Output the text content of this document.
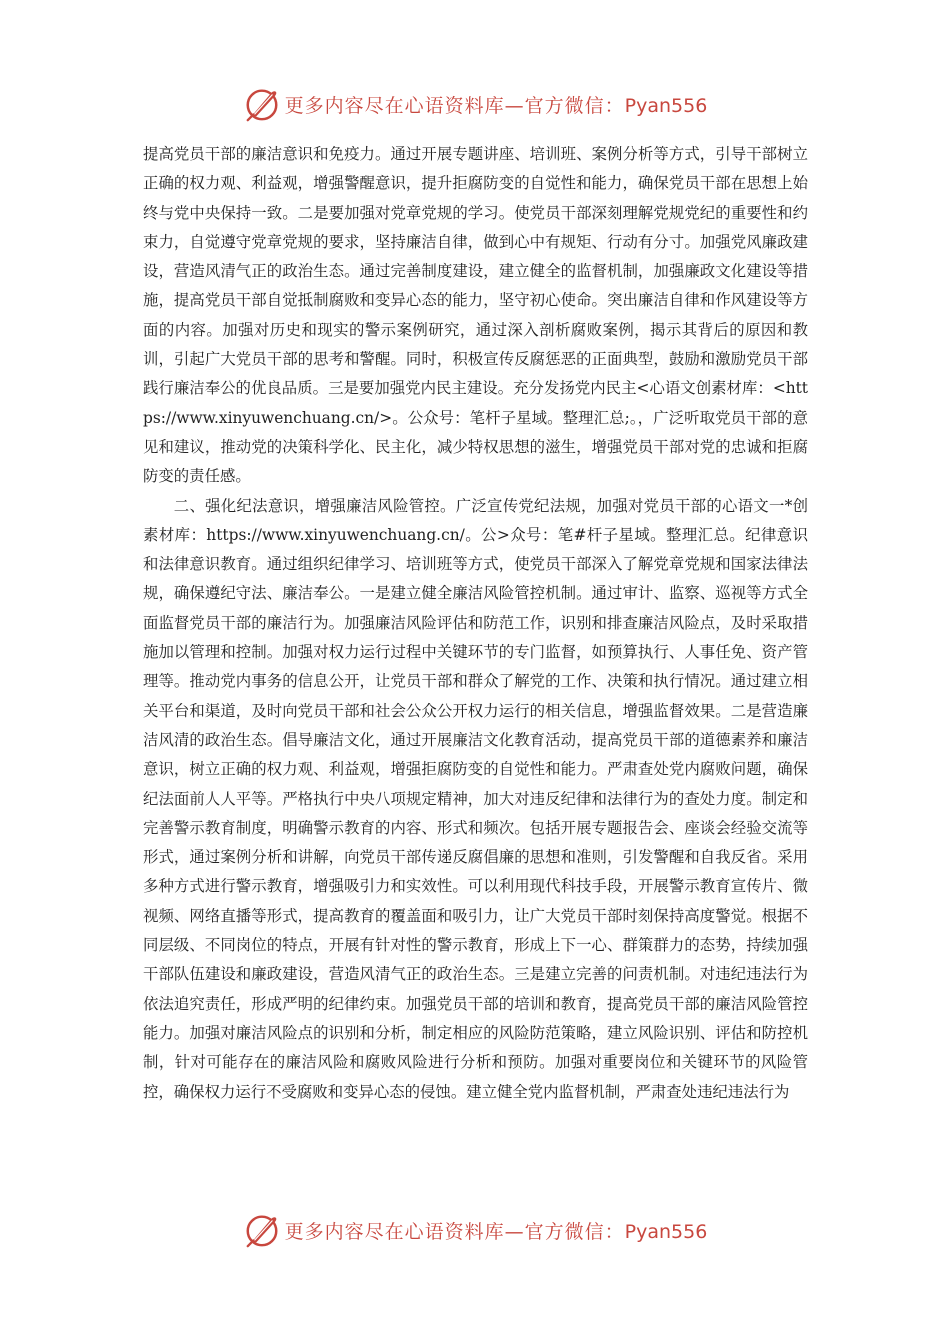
更多内容尽在心语资料库—官方微信：Pyan556

提高党员干部的廉洁意识和免疫力。通过开展专题讲座、培训班、案例分析等方式，引导干部树立正确的权力观、利益观，增强警醒意识，提升拒腐防变的自觉性和能力，确保党员干部在思想上始终与党中央保持一致。二是要加强对党章党规的学习。使党员干部深刻理解党规党纪的重要性和约束力，自觉遵守党章党规的要求，坚持廉洁自律，做到心中有规矩、行动有分寸。加强党风廉政建设，营造风清气正的政治生态。通过完善制度建设，建立健全的监督机制，加强廉政文化建设等措施，提高党员干部自觉抵制腐败和变异心态的能力，坚守初心使命。突出廉洁自律和作风建设等方面的内容。加强对历史和现实的警示案例研究，通过深入剖析腐败案例，揭示其背后的原因和教训，引起广大党员干部的思考和警醒。同时，积极宣传反腐惩恶的正面典型，鼓励和激励党员干部践行廉洁奉公的优良品质。三是要加强党内民主建设。充分发扬党内民主<心语文创素材库：<https://www.xinyuwenchuang.cn/>。公众号：笔杆子星域。整理汇总;。，广泛听取党员干部的意见和建议，推动党的决策科学化、民主化，减少特权思想的滋生，增强党员干部对党的忠诚和拒腐防变的责任感。

二、强化纪法意识，增强廉洁风险管控。广泛宣传党纪法规，加强对党员干部的心语文一*创素材库：https://www.xinyuwenchuang.cn/。公>众号：笔#杆子星域。整理汇总。纪律意识和法律意识教育。通过组织纪律学习、培训班等方式，使党员干部深入了解党章党规和国家法律法规，确保遵纪守法、廉洁奉公。一是建立健全廉洁风险管控机制。通过审计、监察、巡视等方式全面监督党员干部的廉洁行为。加强廉洁风险评估和防范工作，识别和排查廉洁风险点，及时采取措施加以管理和控制。加强对权力运行过程中关键环节的专门监督，如预算执行、人事任免、资产管理等。推动党内事务的信息公开，让党员干部和群众了解党的工作、决策和执行情况。通过建立相关平台和渠道，及时向党员干部和社会公众公开权力运行的相关信息，增强监督效果。二是营造廉洁风清的政治生态。倡导廉洁文化，通过开展廉洁文化教育活动，提高党员干部的道德素养和廉洁意识，树立正确的权力观、利益观，增强拒腐防变的自觉性和能力。严肃查处党内腐败问题，确保纪法面前人人平等。严格执行中央八项规定精神，加大对违反纪律和法律行为的查处力度。制定和完善警示教育制度，明确警示教育的内容、形式和频次。包括开展专题报告会、座谈会经验交流等形式，通过案例分析和讲解，向党员干部传递反腐倡廉的思想和准则，引发警醒和自我反省。采用多种方式进行警示教育，增强吸引力和实效性。可以利用现代科技手段，开展警示教育宣传片、微视频、网络直播等形式，提高教育的覆盖面和吸引力，让广大党员干部时刻保持高度警觉。根据不同层级、不同岗位的特点，开展有针对性的警示教育，形成上下一心、群策群力的态势，持续加强干部队伍建设和廉政建设，营造风清气正的政治生态。三是建立完善的问责机制。对违纪违法行为依法追究责任，形成严明的纪律约束。加强党员干部的培训和教育，提高党员干部的廉洁风险管控能力。加强对廉洁风险点的识别和分析，制定相应的风险防范策略，建立风险识别、评估和防控机制，针对可能存在的廉洁风险和腐败风险进行分析和预防。加强对重要岗位和关键环节的风险管控，确保权力运行不受腐败和变异心态的侵蚀。建立健全党内监督机制，严肃查处违纪违法行为

更多内容尽在心语资料库—官方微信：Pyan556
